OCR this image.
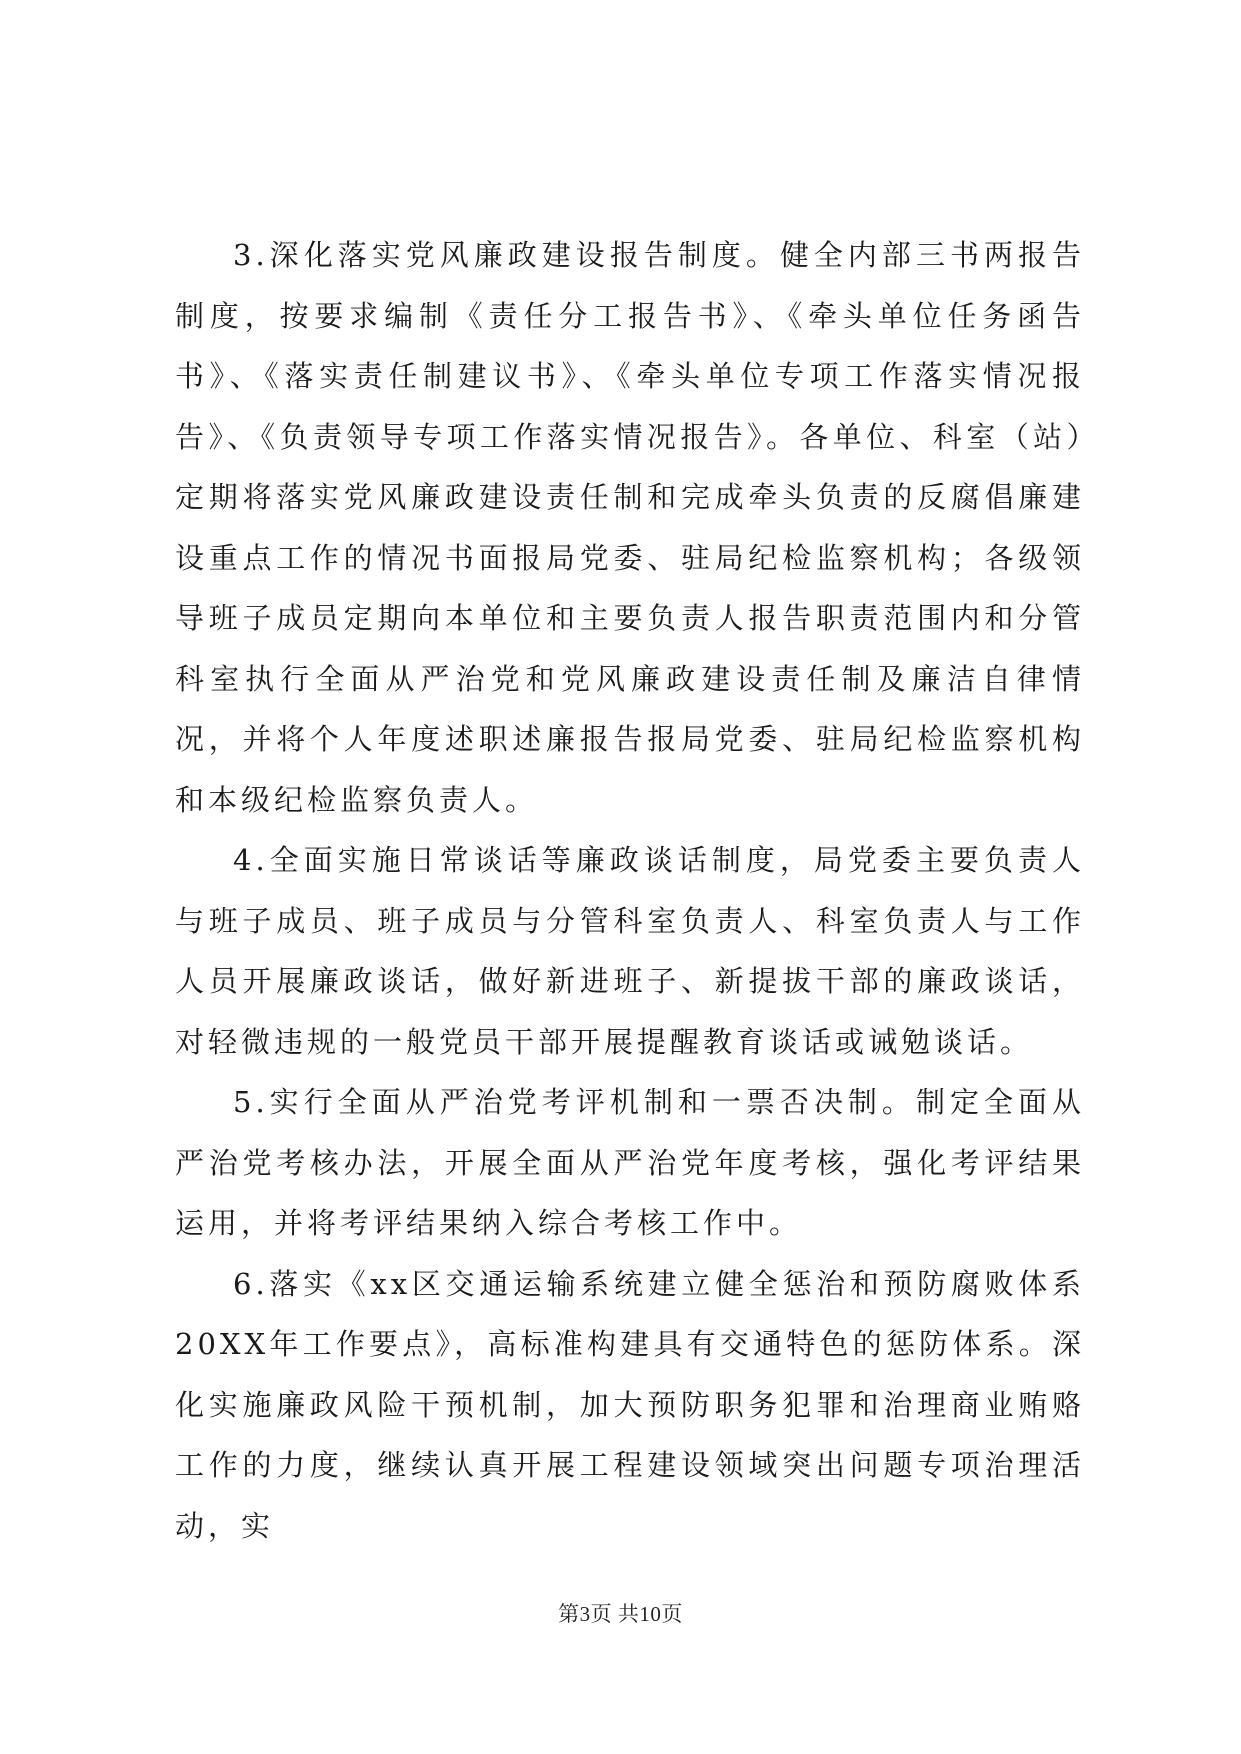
3.深化落实党风廉政建设报告制度。健全内部三书两报告制度，按要求编制《责任分工报告书》、《牵头单位任务函告书》、《落实责任制建议书》、《牵头单位专项工作落实情况报告》、《负责领导专项工作落实情况报告》。各单位、科室（站）定期将落实党风廉政建设责任制和完成牵头负责的反腐倡廉建设重点工作的情况书面报局党委、驻局纪检监察机构；各级领导班子成员定期向本单位和主要负责人报告职责范围内和分管科室执行全面从严治党和党风廉政建设责任制及廉洁自律情况，并将个人年度述职述廉报告报局党委、驻局纪检监察机构和本级纪检监察负责人。

4.全面实施日常谈话等廉政谈话制度，局党委主要负责人与班子成员、班子成员与分管科室负责人、科室负责人与工作人员开展廉政谈话，做好新进班子、新提拔干部的廉政谈话，对轻微违规的一般党员干部开展提醒教育谈话或诫勉谈话。

5.实行全面从严治党考评机制和一票否决制。制定全面从严治党考核办法，开展全面从严治党年度考核，强化考评结果运用，并将考评结果纳入综合考核工作中。

6.落实《xx区交通运输系统建立健全惩治和预防腐败体系20XX年工作要点》，高标准构建具有交通特色的惩防体系。深化实施廉政风险干预机制，加大预防职务犯罪和治理商业贿赂工作的力度，继续认真开展工程建设领域突出问题专项治理活动，实

第3页 共10页
